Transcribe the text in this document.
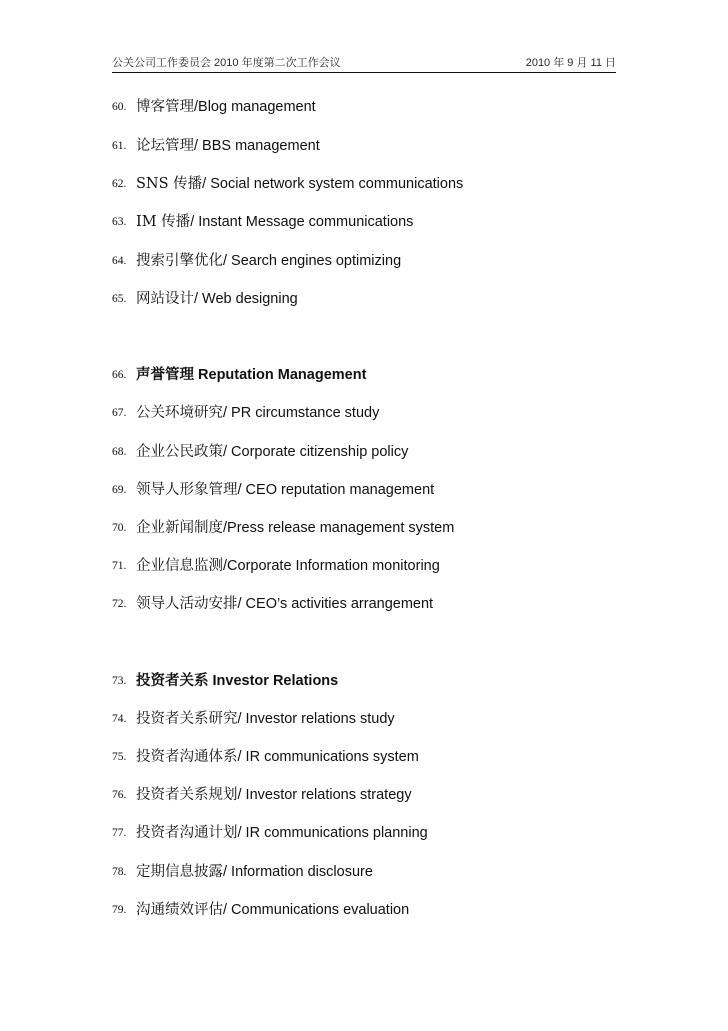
公关公司工作委员会 2010 年度第二次工作会议	2010 年 9 月 11 日
60. 博客管理/Blog management
61. 论坛管理/ BBS management
62. SNS 传播/ Social network system communications
63. IM 传播/ Instant Message communications
64. 搜索引擎优化/ Search engines optimizing
65. 网站设计/ Web designing
66. 声誉管理 Reputation Management
67. 公关环境研究/ PR circumstance study
68. 企业公民政策/ Corporate citizenship policy
69. 领导人形象管理/ CEO reputation management
70. 企业新闻制度/Press release management system
71. 企业信息监测/Corporate Information monitoring
72. 领导人活动安排/ CEO’s activities arrangement
73. 投资者关系 Investor Relations
74. 投资者关系研究/ Investor relations study
75. 投资者沟通体系/ IR communications system
76. 投资者关系规划/ Investor relations strategy
77. 投资者沟通计划/ IR communications planning
78. 定期信息披露/ Information disclosure
79. 沟通绩效评估/ Communications evaluation
